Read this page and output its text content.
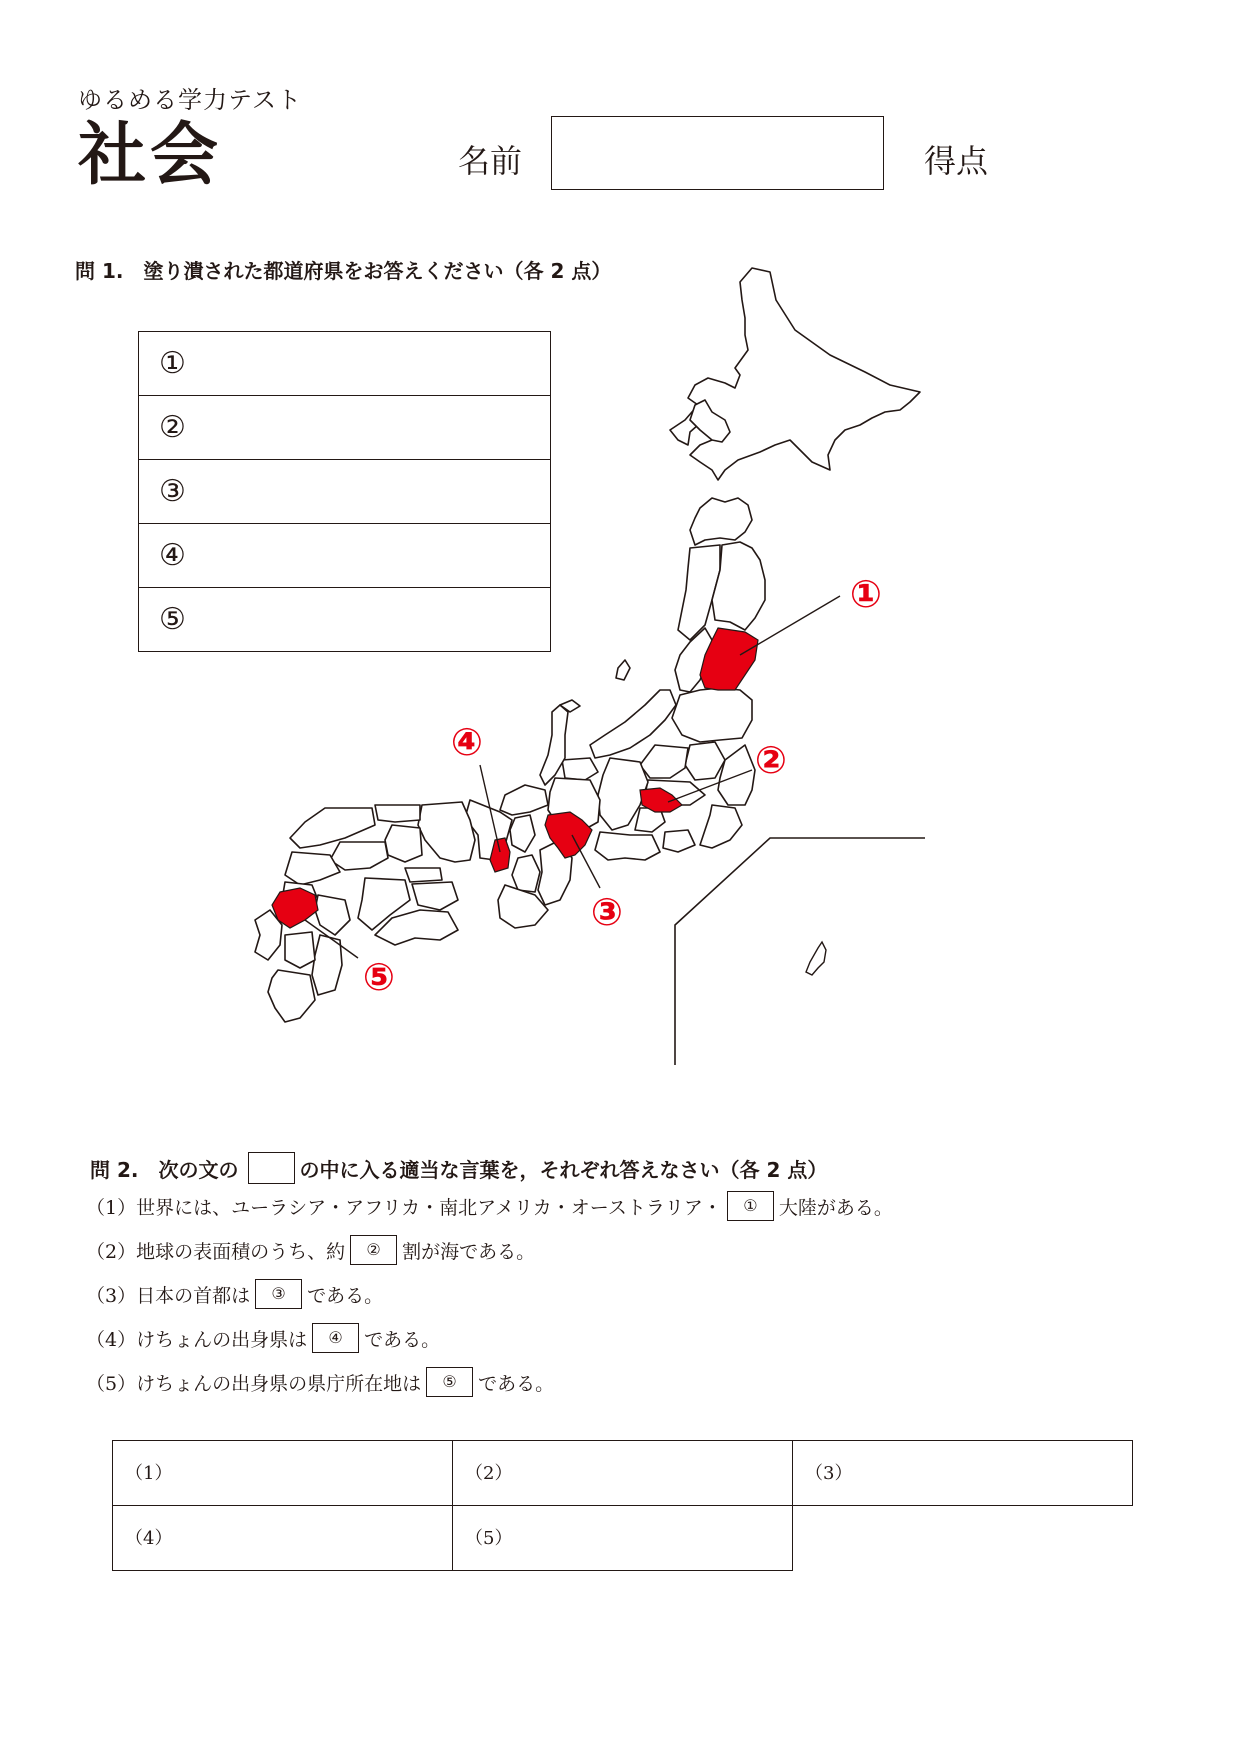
ゆるめる学力テスト
社会	名前	得点
問 1.　塗り潰された都道府県をお答えください（各 2 点）
①
②
③
④
⑤
①
②
③
④
⑤
問 2.　次の文の	の中に入る適当な言葉を，それぞれ答えなさい（各 2 点）
（1）世界には、ユーラシア・アフリカ・南北アメリカ・オーストラリア・	①	大陸がある。
（2）地球の表面積のうち、約	②	割が海である。
（3）日本の首都は	③	である。
（4）けちょんの出身県は	④	である。
（5）けちょんの出身県の県庁所在地は	⑤	である。
（1）	（2）	（3）
（4）	（5）
